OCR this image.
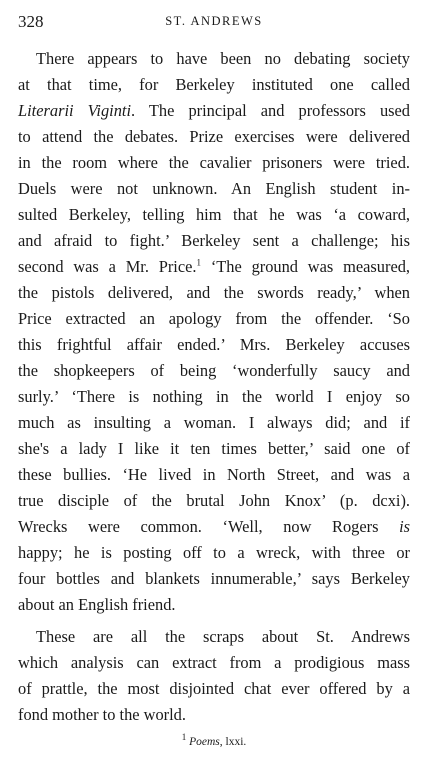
328	ST. ANDREWS
There appears to have been no debating society
at that time, for Berkeley instituted one called
Literarii Viginti. The principal and professors used
to attend the debates. Prize exercises were delivered
in the room where the cavalier prisoners were tried.
Duels were not unknown. An English student in-
sulted Berkeley, telling him that he was ‘a coward,
and afraid to fight.’ Berkeley sent a challenge; his
second was a Mr. Price.$^1$ ‘The ground was measured,
the pistols delivered, and the swords ready,’ when
Price extracted an apology from the offender. ‘So
this frightful affair ended.’ Mrs. Berkeley accuses
the shopkeepers of being ‘wonderfully saucy and
surly.’ ‘There is nothing in the world I enjoy so
much as insulting a woman. I always did; and if
she's a lady I like it ten times better,’ said one of
these bullies. ‘He lived in North Street, and was a
true disciple of the brutal John Knox’ (p. dcxi).
Wrecks were common. ‘Well, now Rogers is
happy; he is posting off to a wreck, with three or
four bottles and blankets innumerable,’ says Berkeley
about an English friend.
These are all the scraps about St. Andrews
which analysis can extract from a prodigious mass
of prattle, the most disjointed chat ever offered by a
fond mother to the world.
$^1$ Poems, lxxi.
